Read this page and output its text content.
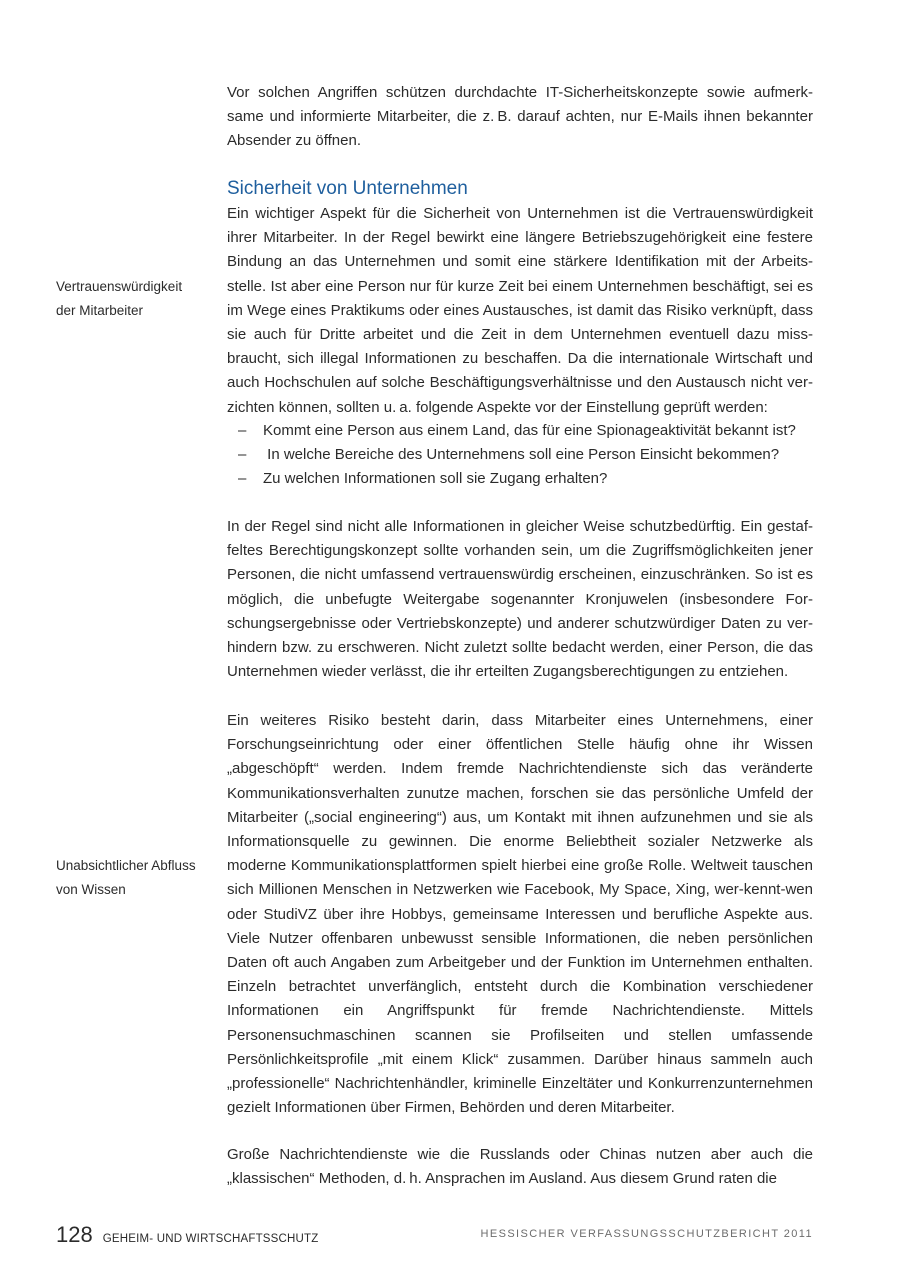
Vor solchen Angriffen schützen durchdachte IT-Sicherheitskonzepte sowie aufmerksame und informierte Mitarbeiter, die z. B. darauf achten, nur E-Mails ihnen bekannter Absender zu öffnen.

Sicherheit von Unternehmen

Ein wichtiger Aspekt für die Sicherheit von Unternehmen ist die Vertrauenswürdigkeit ihrer Mitarbeiter. In der Regel bewirkt eine längere Betriebszugehörigkeit eine festere Bindung an das Unternehmen und somit eine stärkere Identifikation mit der Arbeitsstelle. Ist aber eine Person nur für kurze Zeit bei einem Unternehmen beschäftigt, sei es im Wege eines Praktikums oder eines Austausches, ist damit das Risiko verknüpft, dass sie auch für Dritte arbeitet und die Zeit in dem Unternehmen eventuell dazu missbraucht, sich illegal Informationen zu beschaffen. Da die internationale Wirtschaft und auch Hochschulen auf solche Beschäftigungsverhältnisse und den Austausch nicht verzichten können, sollten u. a. folgende Aspekte vor der Einstellung geprüft werden:

– Kommt eine Person aus einem Land, das für eine Spionageaktivität bekannt ist?
– In welche Bereiche des Unternehmens soll eine Person Einsicht bekommen?
– Zu welchen Informationen soll sie Zugang erhalten?

In der Regel sind nicht alle Informationen in gleicher Weise schutzbedürftig. Ein gestaffeltes Berechtigungskonzept sollte vorhanden sein, um die Zugriffsmöglichkeiten jener Personen, die nicht umfassend vertrauenswürdig erscheinen, einzuschränken. So ist es möglich, die unbefugte Weitergabe sogenannter Kronjuwelen (insbesondere Forschungsergebnisse oder Vertriebskonzepte) und anderer schutzwürdiger Daten zu verhindern bzw. zu erschweren. Nicht zuletzt sollte bedacht werden, einer Person, die das Unternehmen wieder verlässt, die ihr erteilten Zugangsberechtigungen zu entziehen.

Ein weiteres Risiko besteht darin, dass Mitarbeiter eines Unternehmens, einer Forschungseinrichtung oder einer öffentlichen Stelle häufig ohne ihr Wissen „abgeschöpft“ werden. Indem fremde Nachrichtendienste sich das veränderte Kommunikationsverhalten zunutze machen, forschen sie das persönliche Umfeld der Mitarbeiter („social engineering“) aus, um Kontakt mit ihnen aufzunehmen und sie als Informationsquelle zu gewinnen. Die enorme Beliebtheit sozialer Netzwerke als moderne Kommunikationsplattformen spielt hierbei eine große Rolle. Weltweit tauschen sich Millionen Menschen in Netzwerken wie Facebook, My Space, Xing, wer-kennt-wen oder StudiVZ über ihre Hobbys, gemeinsame Interessen und berufliche Aspekte aus. Viele Nutzer offenbaren unbewusst sensible Informationen, die neben persönlichen Daten oft auch Angaben zum Arbeitgeber und der Funktion im Unternehmen enthalten. Einzeln betrachtet unverfänglich, entsteht durch die Kombination verschiedener Informationen ein Angriffspunkt für fremde Nachrichtendienste. Mittels Personensuchmaschinen scannen sie Profilseiten und stellen umfassende Persönlichkeitsprofile „mit einem Klick“ zusammen. Darüber hinaus sammeln auch „professionelle“ Nachrichtenhändler, kriminelle Einzeltäter und Konkurrenzunternehmen gezielt Informationen über Firmen, Behörden und deren Mitarbeiter.

Große Nachrichtendienste wie die Russlands oder Chinas nutzen aber auch die „klassischen“ Methoden, d. h. Ansprachen im Ausland. Aus diesem Grund raten die

Vertrauenswürdigkeit
der Mitarbeiter
Unabsichtlicher Abfluss
von Wissen
128 GEHEIM- UND WIRTSCHAFTSSCHUTZ	HESSISCHER VERFASSUNGSSCHUTZBERICHT 2011
